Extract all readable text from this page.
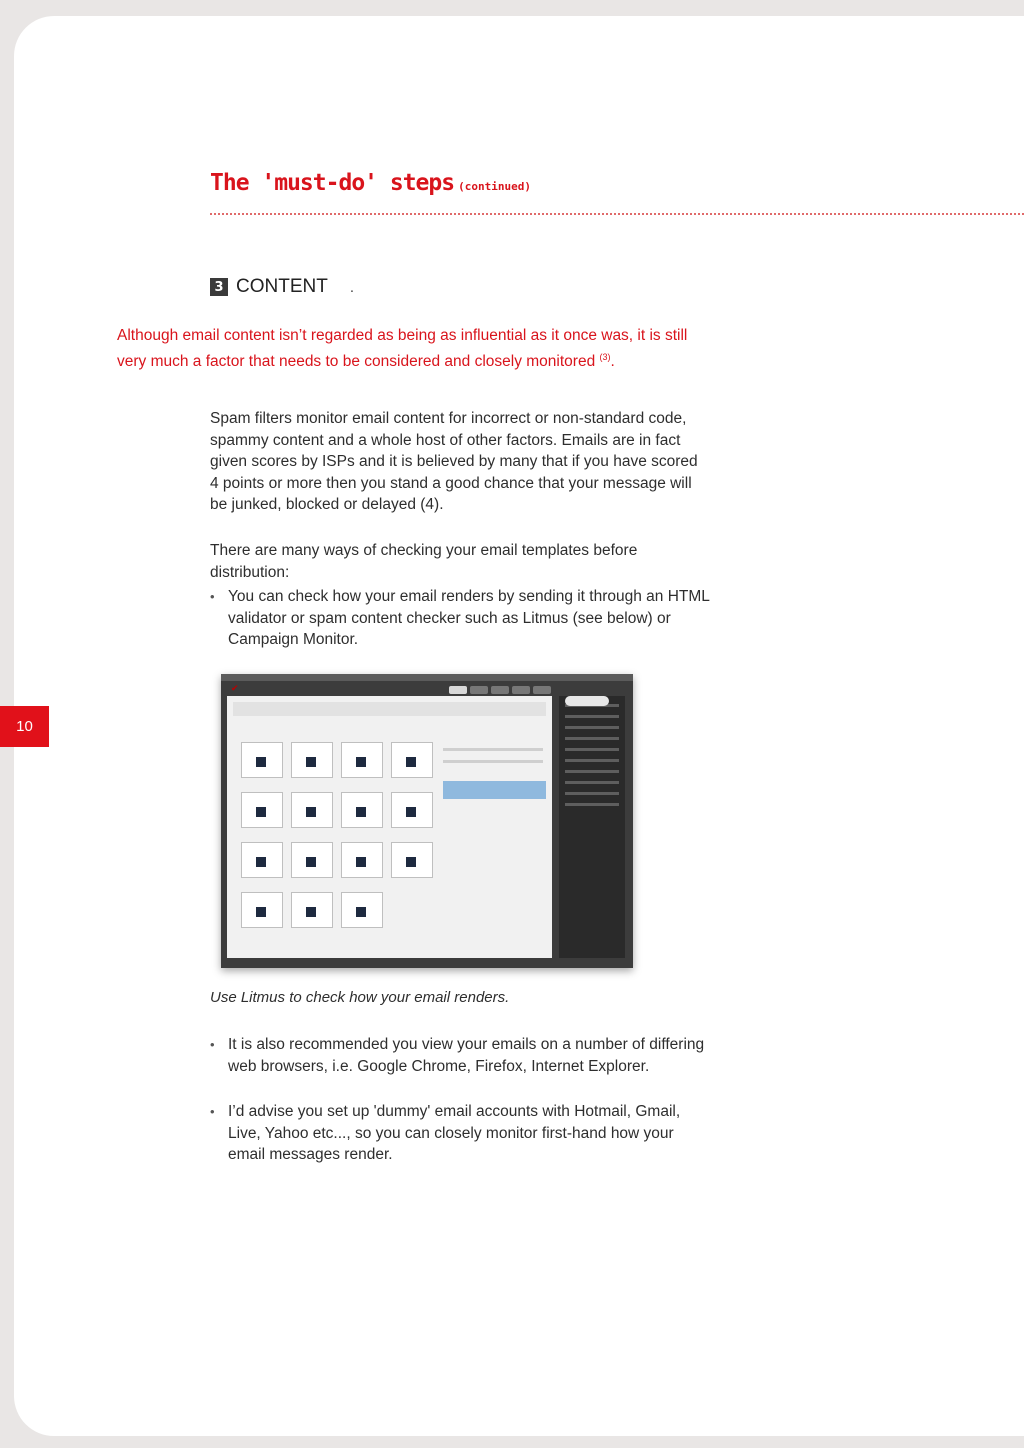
The 'must-do' steps (continued)
3 CONTENT .
Although email content isn’t regarded as being as influential as it once was, it is still very much a factor that needs to be considered and closely monitored $^{(3)}$.
Spam filters monitor email content for incorrect or non-standard code, spammy content and a whole host of other factors. Emails are in fact given scores by ISPs and it is believed by many that if you have scored 4 points or more then you stand a good chance that your message will be junked, blocked or delayed (4).
There are many ways of checking your email templates before distribution:
• You can check how your email renders by sending it through an HTML validator or spam content checker such as Litmus (see below) or Campaign Monitor.
✔
Use Litmus to check how your email renders.
• It is also recommended you view your emails on a number of differing web browsers, i.e. Google Chrome, Firefox, Internet Explorer.
• I’d advise you set up 'dummy' email accounts with Hotmail, Gmail, Live, Yahoo etc..., so you can closely monitor first-hand how your email messages render.
10
